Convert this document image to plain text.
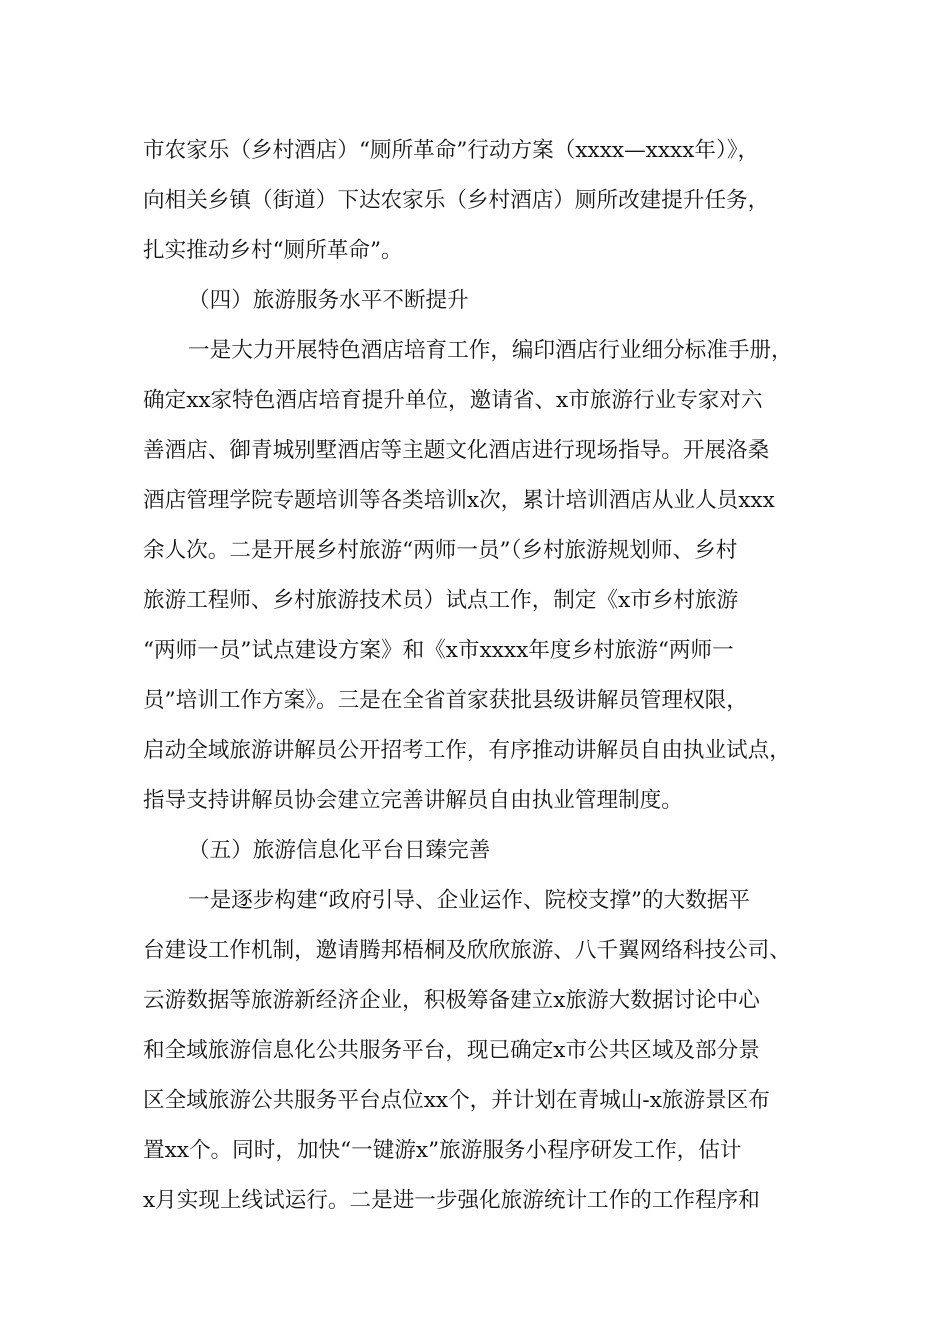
市农家乐（乡村酒店）“厕所革命”行动方案（xxxx—xxxx年）》，
向相关乡镇（街道）下达农家乐（乡村酒店）厕所改建提升任务，
扎实推动乡村“厕所革命”。
（四）旅游服务水平不断提升
一是大力开展特色酒店培育工作，编印酒店行业细分标准手册，
确定xx家特色酒店培育提升单位，邀请省、x市旅游行业专家对六
善酒店、御青城别墅酒店等主题文化酒店进行现场指导。开展洛桑
酒店管理学院专题培训等各类培训x次，累计培训酒店从业人员xxx
余人次。二是开展乡村旅游“两师一员”（乡村旅游规划师、乡村
旅游工程师、乡村旅游技术员）试点工作，制定《x市乡村旅游
“两师一员”试点建设方案》和《x市xxxx年度乡村旅游“两师一
员”培训工作方案》。三是在全省首家获批县级讲解员管理权限，
启动全域旅游讲解员公开招考工作，有序推动讲解员自由执业试点，
指导支持讲解员协会建立完善讲解员自由执业管理制度。
（五）旅游信息化平台日臻完善
一是逐步构建“政府引导、企业运作、院校支撑”的大数据平
台建设工作机制，邀请腾邦梧桐及欣欣旅游、八千翼网络科技公司、
云游数据等旅游新经济企业，积极筹备建立x旅游大数据讨论中心
和全域旅游信息化公共服务平台，现已确定x市公共区域及部分景
区全域旅游公共服务平台点位xx个，并计划在青城山-x旅游景区布
置xx个。同时，加快“一键游x”旅游服务小程序研发工作，估计
x月实现上线试运行。二是进一步强化旅游统计工作的工作程序和
